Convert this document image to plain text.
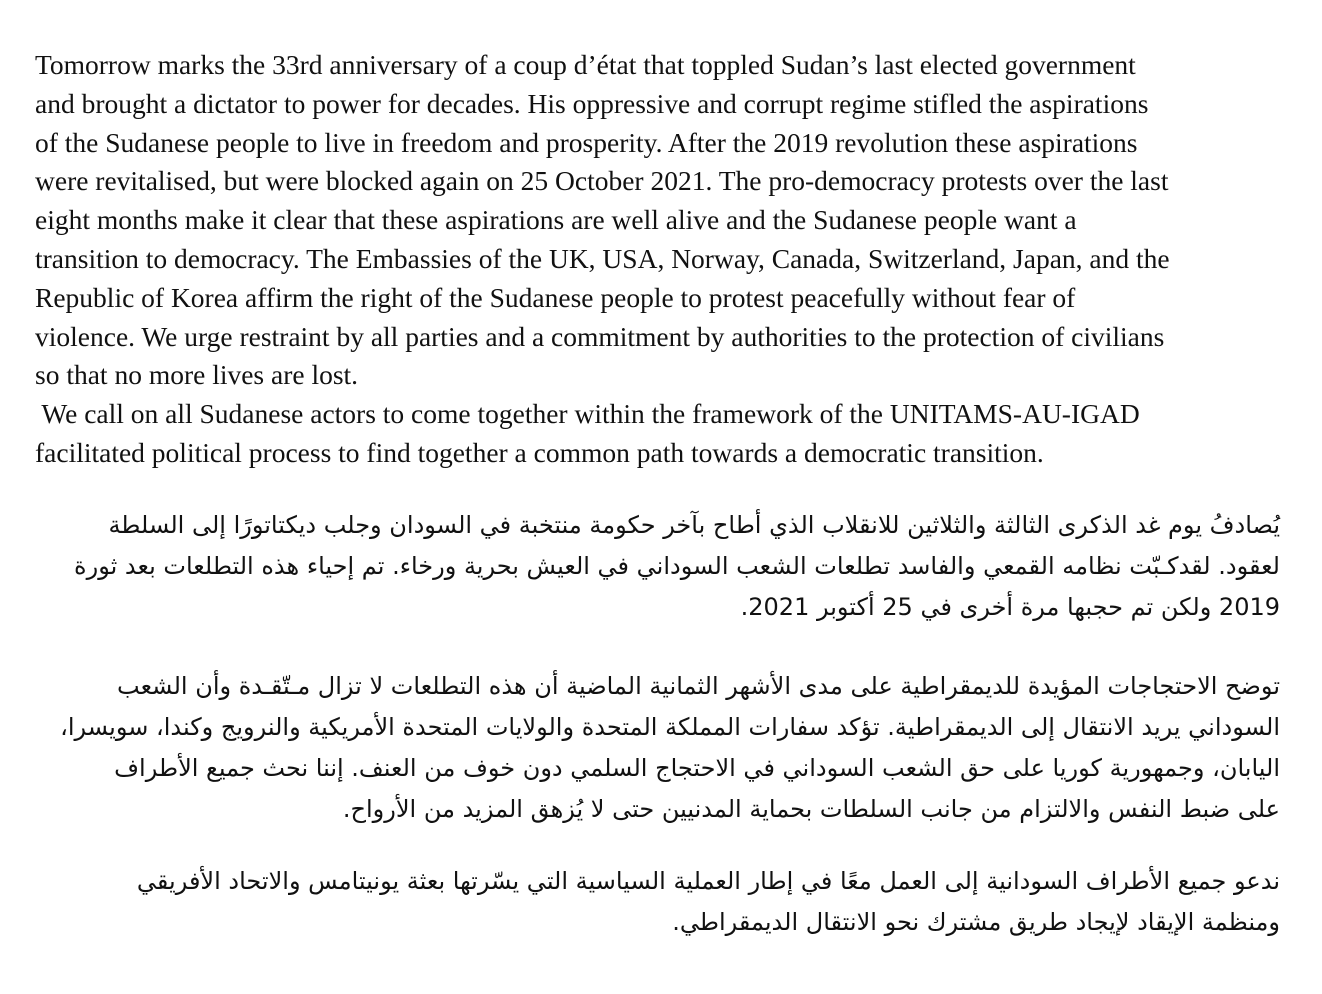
Tomorrow marks the 33rd anniversary of a coup d’état that toppled Sudan’s last elected government
and brought a dictator to power for decades. His oppressive and corrupt regime stifled the aspirations
of the Sudanese people to live in freedom and prosperity. After the 2019 revolution these aspirations
were revitalised, but were blocked again on 25 October 2021. The pro-democracy protests over the last
eight months make it clear that these aspirations are well alive and the Sudanese people want a
transition to democracy. The Embassies of the UK, USA, Norway, Canada, Switzerland, Japan, and the
Republic of Korea affirm the right of the Sudanese people to protest peacefully without fear of
violence. We urge restraint by all parties and a commitment by authorities to the protection of civilians
so that no more lives are lost.
We call on all Sudanese actors to come together within the framework of the UNITAMS-AU-IGAD
facilitated political process to find together a common path towards a democratic transition.
يُصادفُ يوم غد الذكرى الثالثة والثلاثين للانقلاب الذي أطاح بآخر حكومة منتخبة في السودان وجلب ديكتاتورًا إلى السلطة
لعقود. لقدكـبّت نظامه القمعي والفاسد تطلعات الشعب السوداني في العيش بحرية ورخاء. تم إحياء هذه التطلعات بعد ثورة
2019 ولكن تم حجبها مرة أخرى في 25 أكتوبر 2021.
توضح الاحتجاجات المؤيدة للديمقراطية على مدى الأشهر الثمانية الماضية أن هذه التطلعات لا تزال مـتّقـدة وأن الشعب
السوداني يريد الانتقال إلى الديمقراطية. تؤكد سفارات المملكة المتحدة والولايات المتحدة الأمريكية والنرويج وكندا، سويسرا،
اليابان، وجمهورية كوريا على حق الشعب السوداني في الاحتجاج السلمي دون خوف من العنف. إننا نحث جميع الأطراف
على ضبط النفس والالتزام من جانب السلطات بحماية المدنيين حتى لا يُزهق المزيد من الأرواح.
ندعو جميع الأطراف السودانية إلى العمل معًا في إطار العملية السياسية التي يسّرتها بعثة يونيتامس والاتحاد الأفريقي
ومنظمة الإيقاد لإيجاد طريق مشترك نحو الانتقال الديمقراطي.
